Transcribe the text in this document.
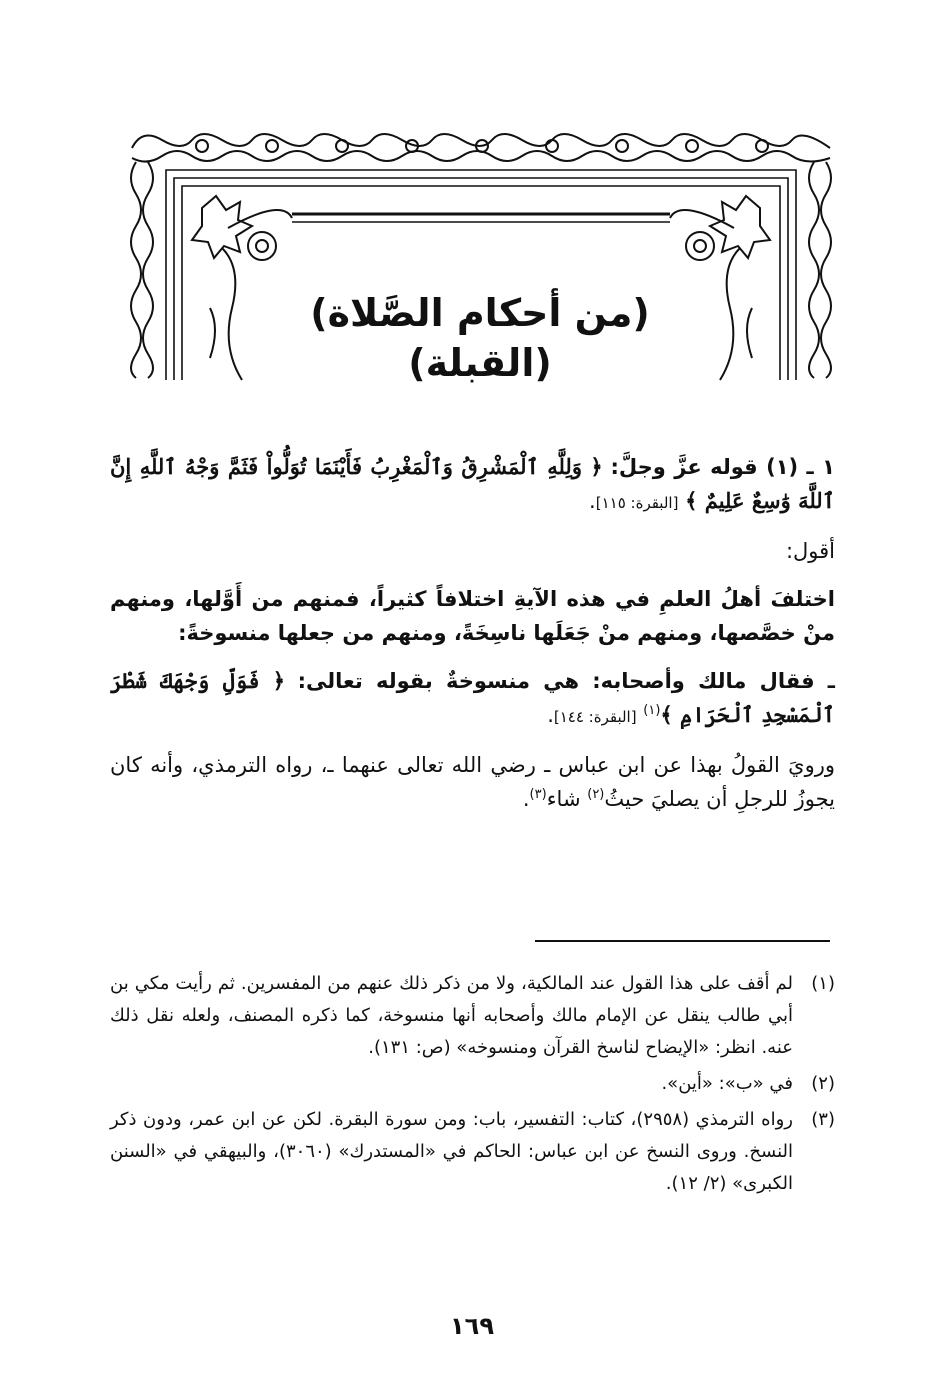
(من أحكام الصَّلاة)
(القبلة)

١ ـ (١) قوله عزَّ وجلَّ: ﴿ وَلِلَّهِ ٱلْمَشْرِقُ وَٱلْمَغْرِبُ فَأَيْنَمَا تُوَلُّواْ فَثَمَّ وَجْهُ ٱللَّهِ إِنَّ ٱللَّهَ وَٰسِعٌ عَلِيمٌ ﴾ [البقرة: ١١٥].

أقول:

اختلفَ أهلُ العلمِ في هذه الآيةِ اختلافاً كثيراً، فمنهم من أَوَّلها، ومنهم منْ خصَّصها، ومنهم منْ جَعَلَها ناسِخَةً، ومنهم من جعلها منسوخةً:

ـ فقال مالك وأصحابه: هي منسوخةٌ بقوله تعالى: ﴿ فَوَلِّ وَجْهَكَ شَطْرَ ٱلْمَسْجِدِ ٱلْحَرَامِ ﴾$^{(١)}$ [البقرة: ١٤٤].

ورويَ القولُ بهذا عن ابن عباس ـ رضي الله تعالى عنهما ـ، رواه الترمذي، وأنه كان يجوزُ للرجلِ أن يصليَ حيثُ$^{(٢)}$ شاء$^{(٣)}$.

(١)
لم أقف على هذا القول عند المالكية، ولا من ذكر ذلك عنهم من المفسرين. ثم رأيت مكي بن أبي طالب ينقل عن الإمام مالك وأصحابه أنها منسوخة، كما ذكره المصنف، ولعله نقل ذلك عنه. انظر: «الإيضاح لناسخ القرآن ومنسوخه» (ص: ١٣١).
(٢)
في «ب»: «أين».
(٣)
رواه الترمذي (٢٩٥٨)، كتاب: التفسير، باب: ومن سورة البقرة. لكن عن ابن عمر، ودون ذكر النسخ. وروى النسخ عن ابن عباس: الحاكم في «المستدرك» (٣٠٦٠)، والبيهقي في «السنن الكبرى» (٢/ ١٢).
١٦٩
